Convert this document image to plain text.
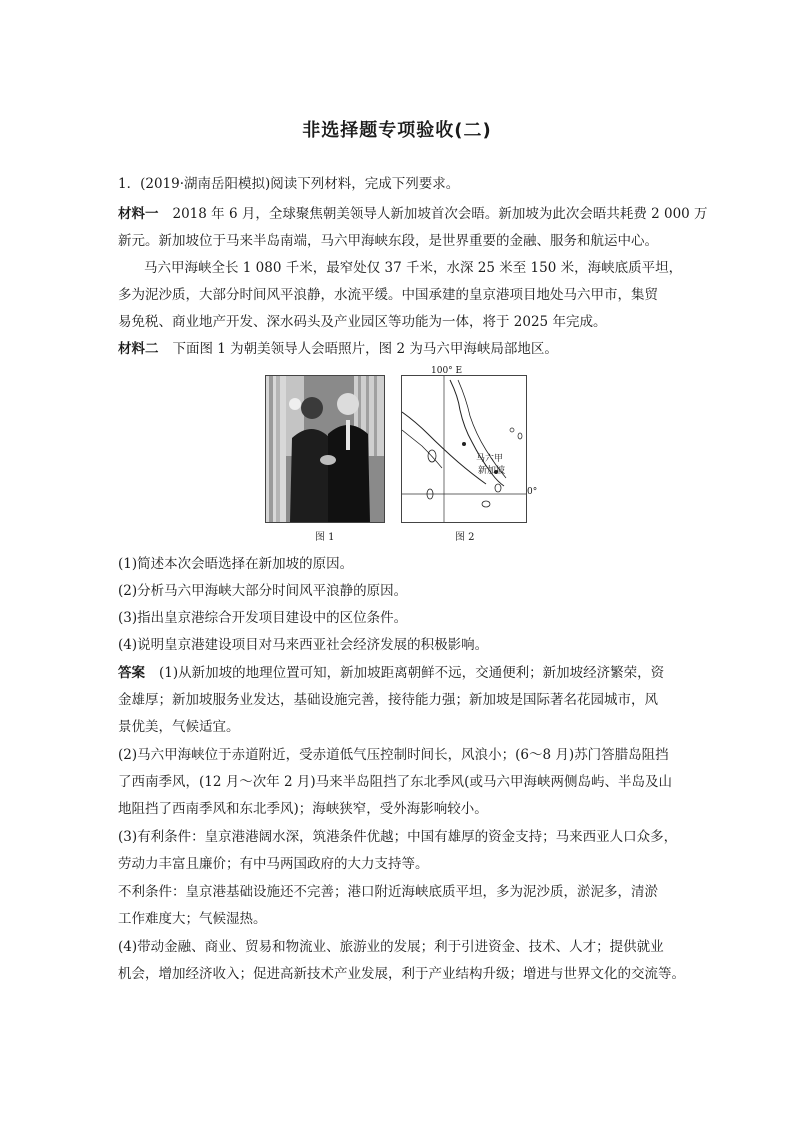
非选择题专项验收(二)
1．(2019·湖南岳阳模拟)阅读下列材料，完成下列要求。
材料一 2018 年 6 月，全球聚焦朝美领导人新加坡首次会晤。新加坡为此次会晤共耗费 2 000 万
新元。新加坡位于马来半岛南端，马六甲海峡东段，是世界重要的金融、服务和航运中心。
马六甲海峡全长 1 080 千米，最窄处仅 37 千米，水深 25 米至 150 米，海峡底质平坦，
多为泥沙质，大部分时间风平浪静，水流平缓。中国承建的皇京港项目地处马六甲市，集贸
易免税、商业地产开发、深水码头及产业园区等功能为一体，将于 2025 年完成。
材料二 下面图 1 为朝美领导人会晤照片，图 2 为马六甲海峡局部地区。
100° E
马六甲
新加坡
0°
图 1	图 2
(1)简述本次会晤选择在新加坡的原因。
(2)分析马六甲海峡大部分时间风平浪静的原因。
(3)指出皇京港综合开发项目建设中的区位条件。
(4)说明皇京港建设项目对马来西亚社会经济发展的积极影响。
答案 (1)从新加坡的地理位置可知，新加坡距离朝鲜不远，交通便利；新加坡经济繁荣，资
金雄厚；新加坡服务业发达，基础设施完善，接待能力强；新加坡是国际著名花园城市，风
景优美，气候适宜。
(2)马六甲海峡位于赤道附近，受赤道低气压控制时间长，风浪小；(6～8 月)苏门答腊岛阻挡
了西南季风，(12 月～次年 2 月)马来半岛阻挡了东北季风(或马六甲海峡两侧岛屿、半岛及山
地阻挡了西南季风和东北季风)；海峡狭窄，受外海影响较小。
(3)有利条件：皇京港港阔水深，筑港条件优越；中国有雄厚的资金支持；马来西亚人口众多，
劳动力丰富且廉价；有中马两国政府的大力支持等。
不利条件：皇京港基础设施还不完善；港口附近海峡底质平坦，多为泥沙质，淤泥多，清淤
工作难度大；气候湿热。
(4)带动金融、商业、贸易和物流业、旅游业的发展；利于引进资金、技术、人才；提供就业
机会，增加经济收入；促进高新技术产业发展，利于产业结构升级；增进与世界文化的交流等。
